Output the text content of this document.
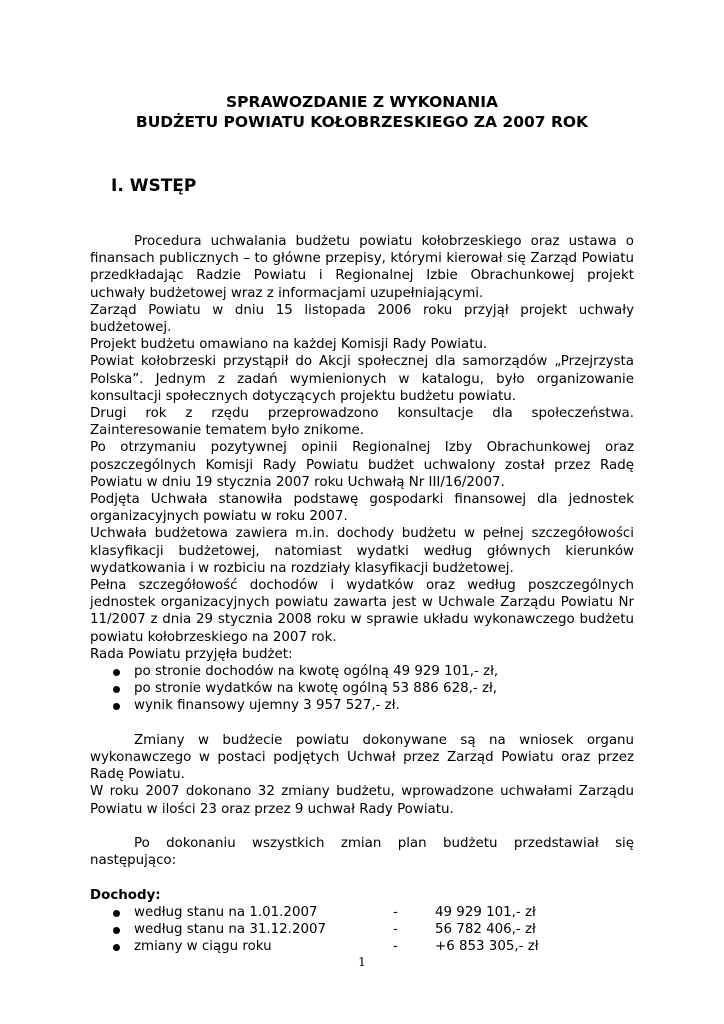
SPRAWOZDANIE Z WYKONANIA
BUDŻETU POWIATU KOŁOBRZESKIEGO ZA 2007 ROK
I. WSTĘP

Procedura uchwalania budżetu powiatu kołobrzeskiego oraz ustawa o finansach publicznych – to główne przepisy, którymi kierował się Zarząd Powiatu przedkładając Radzie Powiatu i Regionalnej Izbie Obrachunkowej projekt uchwały budżetowej wraz z informacjami uzupełniającymi.

Zarząd Powiatu w dniu 15 listopada 2006 roku przyjął projekt uchwały budżetowej.

Projekt budżetu omawiano na każdej Komisji Rady Powiatu.

Powiat kołobrzeski przystąpił do Akcji społecznej dla samorządów „Przejrzysta Polska”. Jednym z zadań wymienionych w katalogu, było organizowanie konsultacji społecznych dotyczących projektu budżetu powiatu.

Drugi rok z rzędu przeprowadzono konsultacje dla społeczeństwa. Zainteresowanie tematem było znikome.

Po otrzymaniu pozytywnej opinii Regionalnej Izby Obrachunkowej oraz poszczególnych Komisji Rady Powiatu budżet uchwalony został przez Radę Powiatu w dniu 19 stycznia 2007 roku Uchwałą Nr III/16/2007.

Podjęta Uchwała stanowiła podstawę gospodarki finansowej dla jednostek organizacyjnych powiatu w roku 2007.

Uchwała budżetowa zawiera m.in. dochody budżetu w pełnej szczegółowości klasyfikacji budżetowej, natomiast wydatki według głównych kierunków wydatkowania i w rozbiciu na rozdziały klasyfikacji budżetowej.

Pełna szczegółowość dochodów i wydatków oraz według poszczególnych jednostek organizacyjnych powiatu zawarta jest w Uchwale Zarządu Powiatu Nr 11/2007 z dnia 29 stycznia 2008 roku w sprawie układu wykonawczego budżetu powiatu kołobrzeskiego na 2007 rok.

Rada Powiatu przyjęła budżet:

po stronie dochodów na kwotę ogólną 49 929 101,- zł,
po stronie wydatków na kwotę ogólną 53 886 628,- zł,
wynik finansowy ujemny 3 957 527,- zł.

Zmiany w budżecie powiatu dokonywane są na wniosek organu wykonawczego w postaci podjętych Uchwał przez Zarząd Powiatu oraz przez Radę Powiatu.

W roku 2007 dokonano 32 zmiany budżetu, wprowadzone uchwałami Zarządu Powiatu w ilości 23 oraz przez 9 uchwał Rady Powiatu.

Po dokonaniu wszystkich zmian plan budżetu przedstawiał się następująco:

Dochody:
według stanu na 1.01.2007	-	49 929 101,- zł
według stanu na 31.12.2007	-	56 782 406,- zł
zmiany w ciągu roku	-	+6 853 305,- zł
1
